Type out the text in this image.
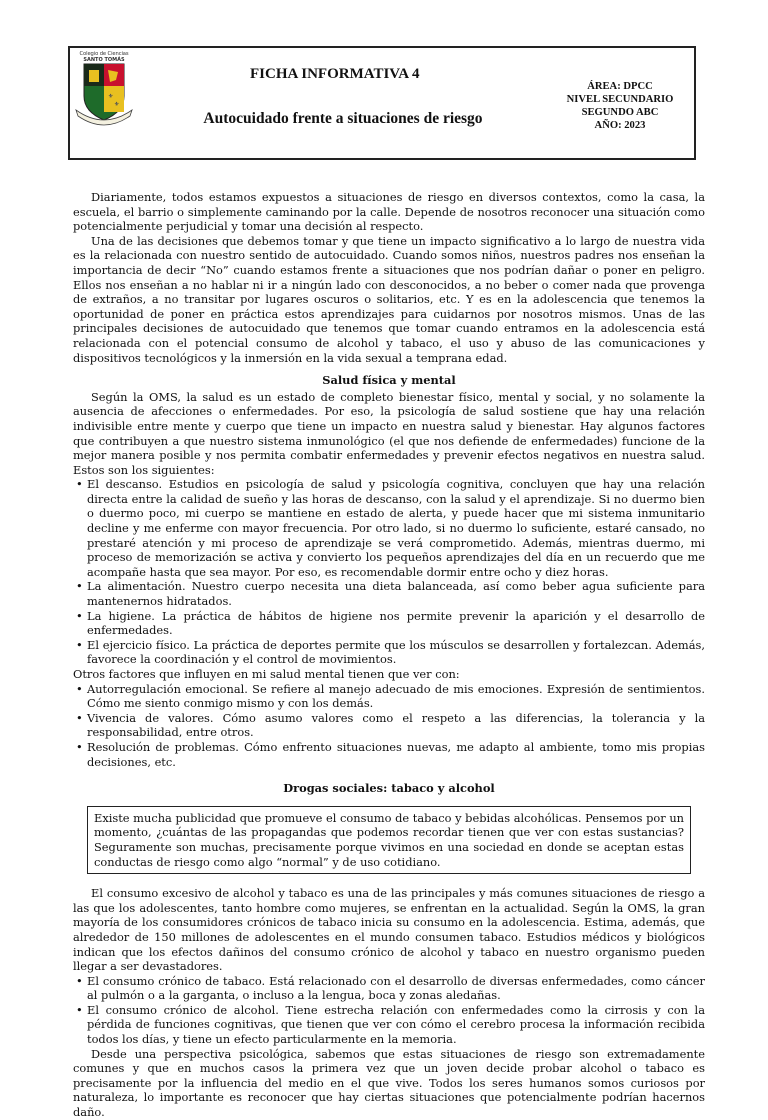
Colegio de Ciencias
SANTO TOMÁS
⚜
⚜
FICHA INFORMATIVA 4
Autocuidado frente a situaciones de riesgo
ÁREA: DPCC
NIVEL SECUNDARIO
SEGUNDO ABC
AÑO: 2023

Diariamente, todos estamos expuestos a situaciones de riesgo en diversos contextos, como la casa, la escuela, el barrio o simplemente caminando por la calle. Depende de nosotros reconocer una situación como potencialmente perjudicial y tomar una decisión al respecto.

Una de las decisiones que debemos tomar y que tiene un impacto significativo a lo largo de nuestra vida es la relacionada con nuestro sentido de autocuidado. Cuando somos niños, nuestros padres nos enseñan la importancia de decir “No” cuando estamos frente a situaciones que nos podrían dañar o poner en peligro. Ellos nos enseñan a no hablar ni ir a ningún lado con desconocidos, a no beber o comer nada que provenga de extraños, a no transitar por lugares oscuros o solitarios, etc. Y es en la adolescencia que tenemos la oportunidad de poner en práctica estos aprendizajes para cuidarnos por nosotros mismos. Unas de las principales decisiones de autocuidado que tenemos que tomar cuando entramos en la adolescencia está relacionada con el potencial consumo de alcohol y tabaco, el uso y abuso de las comunicaciones y dispositivos tecnológicos y la inmersión en la vida sexual a temprana edad.

Salud física y mental

Según la OMS, la salud es un estado de completo bienestar físico, mental y social, y no solamente la ausencia de afecciones o enfermedades. Por eso, la psicología de salud sostiene que hay una relación indivisible entre mente y cuerpo que tiene un impacto en nuestra salud y bienestar. Hay algunos factores que contribuyen a que nuestro sistema inmunológico (el que nos defiende de enfermedades) funcione de la mejor manera posible y nos permita combatir enfermedades y prevenir efectos negativos en nuestra salud. Estos son los siguientes:

• El descanso. Estudios en psicología de salud y psicología cognitiva, concluyen que hay una relación directa entre la calidad de sueño y las horas de descanso, con la salud y el aprendizaje. Si no duermo bien o duermo poco, mi cuerpo se mantiene en estado de alerta, y puede hacer que mi sistema inmunitario decline y me enferme con mayor frecuencia. Por otro lado, si no duermo lo suficiente, estaré cansado, no prestaré atención y mi proceso de aprendizaje se verá comprometido. Además, mientras duermo, mi proceso de memorización se activa y convierto los pequeños aprendizajes del día en un recuerdo que me acompañe hasta que sea mayor. Por eso, es recomendable dormir entre ocho y diez horas.
• La alimentación. Nuestro cuerpo necesita una dieta balanceada, así como beber agua suficiente para mantenernos hidratados.
• La higiene. La práctica de hábitos de higiene nos permite prevenir la aparición y el desarrollo de enfermedades.
• El ejercicio físico. La práctica de deportes permite que los músculos se desarrollen y fortalezcan. Además, favorece la coordinación y el control de movimientos.

Otros factores que influyen en mi salud mental tienen que ver con:

• Autorregulación emocional. Se refiere al manejo adecuado de mis emociones. Expresión de sentimientos. Cómo me siento conmigo mismo y con los demás.
• Vivencia de valores. Cómo asumo valores como el respeto a las diferencias, la tolerancia y la responsabilidad, entre otros.
• Resolución de problemas. Cómo enfrento situaciones nuevas, me adapto al ambiente, tomo mis propias decisiones, etc.
Drogas sociales: tabaco y alcohol

Existe mucha publicidad que promueve el consumo de tabaco y bebidas alcohólicas. Pensemos por un momento, ¿cuántas de las propagandas que podemos recordar tienen que ver con estas sustancias? Seguramente son muchas, precisamente porque vivimos en una sociedad en donde se aceptan estas conductas de riesgo como algo “normal” y de uso cotidiano.

El consumo excesivo de alcohol y tabaco es una de las principales y más comunes situaciones de riesgo a las que los adolescentes, tanto hombre como mujeres, se enfrentan en la actualidad. Según la OMS, la gran mayoría de los consumidores crónicos de tabaco inicia su consumo en la adolescencia. Estima, además, que alrededor de 150 millones de adolescentes en el mundo consumen tabaco. Estudios médicos y biológicos indican que los efectos dañinos del consumo crónico de alcohol y tabaco en nuestro organismo pueden llegar a ser devastadores.

• El consumo crónico de tabaco. Está relacionado con el desarrollo de diversas enfermedades, como cáncer al pulmón o a la garganta, o incluso a la lengua, boca y zonas aledañas.
• El consumo crónico de alcohol. Tiene estrecha relación con enfermedades como la cirrosis y con la pérdida de funciones cognitivas, que tienen que ver con cómo el cerebro procesa la información recibida todos los días, y tiene un efecto particularmente en la memoria.

Desde una perspectiva psicológica, sabemos que estas situaciones de riesgo son extremadamente comunes y que en muchos casos la primera vez que un joven decide probar alcohol o tabaco es precisamente por la influencia del medio en el que vive. Todos los seres humanos somos curiosos por naturaleza, lo importante es reconocer que hay ciertas situaciones que potencialmente podrían hacernos daño.
